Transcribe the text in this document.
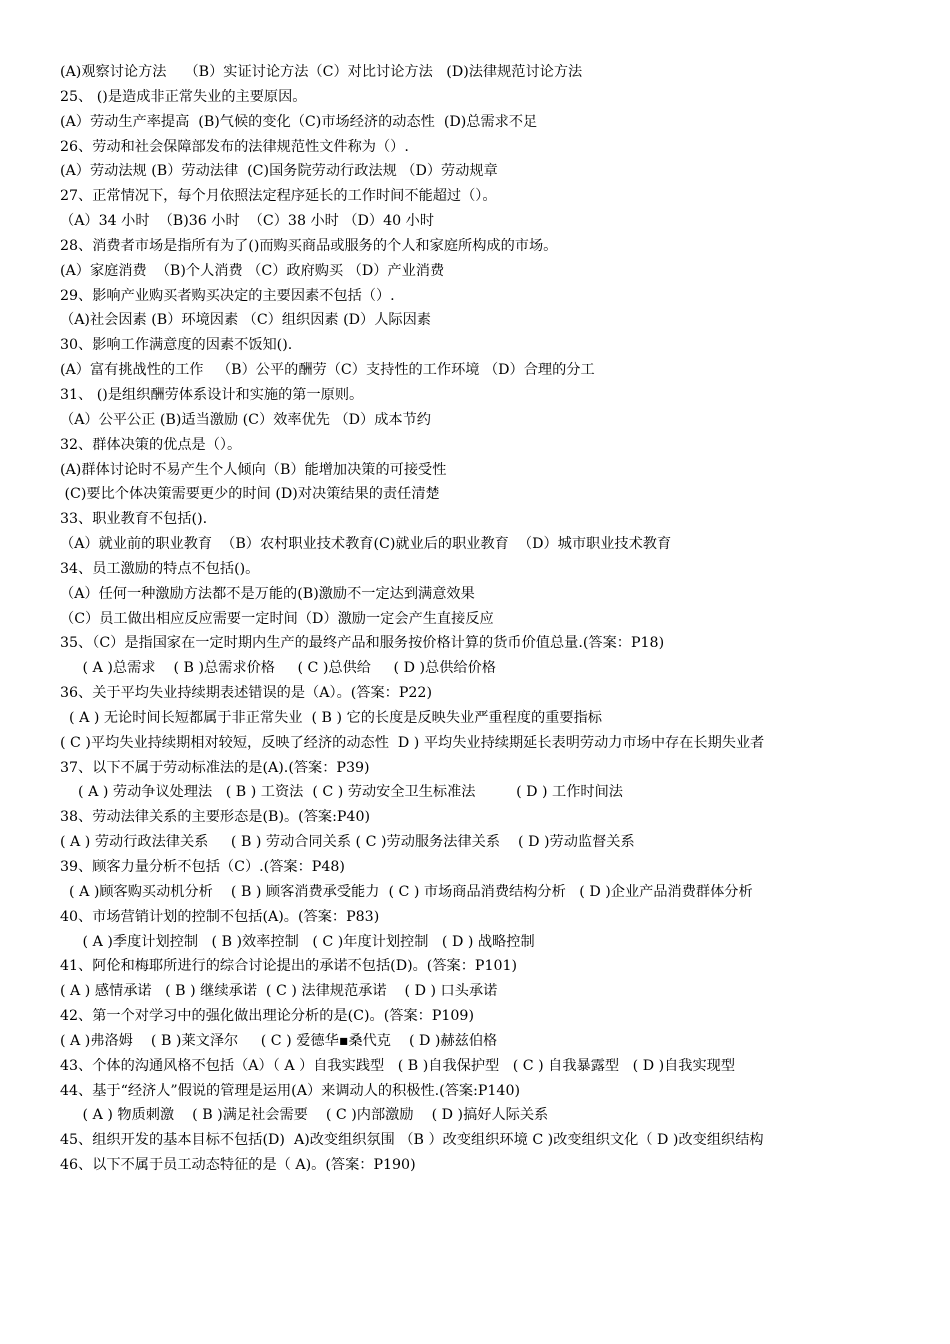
(A)观察讨论方法    （B）实证讨论方法（C）对比讨论方法   (D)法律规范讨论方法
25、 ()是造成非正常失业的主要原因。
(A）劳动生产率提高  (B)气候的变化（C)市场经济的动态性  (D)总需求不足
26、劳动和社会保障部发布的法律规范性文件称为（）.
(A）劳动法规 (B）劳动法律  (C)国务院劳动行政法规 （D）劳动规章
27、正常情况下，每个月依照法定程序延长的工作时间不能超过（）。
（A）34 小时  （B)36 小时  （C）38 小时 （D）40 小时
28、消费者市场是指所有为了()而购买商品或服务的个人和家庭所构成的市场。
(A）家庭消费  （B)个人消费 （C）政府购买 （D）产业消费
29、影响产业购买者购买决定的主要因素不包括（）.
（A)社会因素 (B）环境因素 （C）组织因素 (D）人际因素
30、影响工作满意度的因素不饭知().
(A）富有挑战性的工作   （B）公平的酬劳（C）支持性的工作环境 （D）合理的分工
31、 ()是组织酬劳体系设计和实施的第一原则。
（A）公平公正 (B)适当激励 (C）效率优先 （D）成本节约
32、群体决策的优点是（）。
(A)群体讨论时不易产生个人倾向（B）能增加决策的可接受性
(C)要比个体决策需要更少的时间 (D)对决策结果的责任清楚
33、职业教育不包括().
（A）就业前的职业教育  （B）农村职业技术教育(C)就业后的职业教育  （D）城市职业技术教育
34、员工激励的特点不包括()。
（A）任何一种激励方法都不是万能的(B)激励不一定达到满意效果
（C）员工做出相应反应需要一定时间（D）激励一定会产生直接反应
35、（C）是指国家在一定时期内生产的最终产品和服务按价格计算的货币价值总量.(答案：P18)
( A )总需求    ( B )总需求价格     ( C )总供给     ( D )总供给价格
36、关于平均失业持续期表述错误的是（A）。(答案：P22)
( A ) 无论时间长短都属于非正常失业  ( B ) 它的长度是反映失业严重程度的重要指标
( C )平均失业持续期相对较短，反映了经济的动态性  D ) 平均失业持续期延长表明劳动力市场中存在长期失业者
37、以下不属于劳动标准法的是(A).(答案：P39)
( A ) 劳动争议处理法   ( B ) 工资法  ( C ) 劳动安全卫生标准法         ( D ) 工作时间法
38、劳动法律关系的主要形态是(B)。(答案:P40)
( A ) 劳动行政法律关系     ( B ) 劳动合同关系 ( C )劳动服务法律关系    ( D )劳动监督关系
39、顾客力量分析不包括（C）.(答案：P48)
( A )顾客购买动机分析    ( B ) 顾客消费承受能力  ( C ) 市场商品消费结构分析   ( D )企业产品消费群体分析
40、市场营销计划的控制不包括(A)。(答案：P83)
( A )季度计划控制   ( B )效率控制   ( C )年度计划控制   ( D ) 战略控制
41、阿伦和梅耶所进行的综合讨论提出的承诺不包括(D)。(答案：P101)
( A ) 感情承诺   ( B ) 继续承诺  ( C ) 法律规范承诺    ( D ) 口头承诺
42、第一个对学习中的强化做出理论分析的是(C)。(答案：P109)
( A )弗洛姆    ( B )莱文泽尔     ( C ) 爱德华▪桑代克    ( D )赫兹伯格
43、个体的沟通风格不包括（A）（ A ）自我实践型   ( B )自我保护型   ( C ) 自我暴露型   ( D )自我实现型
44、基于“经济人”假说的管理是运用(A）来调动人的积极性.(答案:P140)
( A ) 物质刺激    ( B )满足社会需要    ( C )内部激励    ( D )搞好人际关系
45、组织开发的基本目标不包括(D)  A)改变组织氛围 （B ）改变组织环境 C )改变组织文化（ D )改变组织结构
46、以下不属于员工动态特征的是（ A)。(答案：P190)
